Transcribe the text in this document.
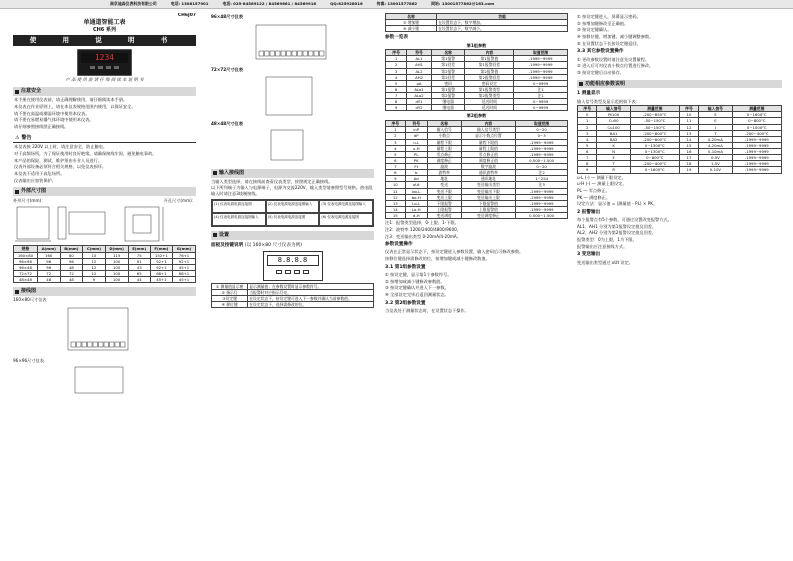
南京迪森仪表科技有限公司	电话: 1308157901	电话: 025-84569122 / 84569661 / 84569916	QQ:825928016	传真: 13001577862	网站: 13001577862@163.com
CH6J07
单通道智能工表
CH6 系列
使 用 说 明 书
1234
产 品 使 用 前 请 仔 细 阅 读 本 说 明 书
注意安全

本手册在使用仪表前，请正确理解使用，请仔细阅读本手册。

本仪表在作业原则上，请在本仪表规格范围内使用，以保证安全。

请不要在高温或潮湿环境中使用本仪表。

请不要在易燃易爆气体环境中使用本仪表。

请仔细参照接线图正确接线。

⚠ 警告

本仪表接 220V 以上时，请注意安全，防止触电。

对于高频场所，为了保证使用时良好绝缘，请确保接线牢固，避免触电事故。

本产品的保险、测试、维护须由专业人员进行。

仪表外部设备必须符合相关规格，以免仪表损坏。

本仪表不适用于高危场所。

仪表输出应加装保护。

外部尺寸图
外形尺寸(mm)：	开孔尺寸(mm)：
规格	A(mm)	B(mm)	C(mm)	D(mm)	E(mm)	F(mm)	G(mm)
160×80	160	80	10	115	75	152+1	76+1
96×96	96	96	12	100	91	92+1	92+1
96×48	96	48	12	100	43	92+1	45+1
72×72	72	72	12	100	65	68+1	68+1
48×48	48	48	9	100	44	45+1	45+1
接线图

160×80尺寸仪表

96×96尺寸仪表

96×48尺寸仪表

72×72尺寸仪表

48×48尺寸仪表

输入接线图

当输入类型选择，请在接线前查看仪表类型，按照规定正确接线。

以下所列端子为输入与电源端子，电源为交流220V，输入类型请参照型号规格。热电阻输入时请注意3线制接线。

(1) 仪表电源电源连接图	(2) 仪表电源电源连接图输入	(3) 仪表电源电源连接图输入
(4) 仪表电源电源连接图输入	(5) 仪表电源电源连接图	(6) 仪表电源电源连接图
设置
面板及按键说明 (以 160×80 尺寸仪表为例)
8.8.8.8
① 测量值显示窗	显示测量值；在参数设置时显示参数符号。
② 指示灯	当报警时对应指示灯亮。
③设定键	在设定状态下，按设定键可进入下一参数并确认当前参数值。
④ 移位键	在设定状态下，选择需修改的位。
名称	功能
⑤ 增加键	在设置状态下，数字增加。
⑥ 减小键	在设置状态下，数字减小。
参数一览表

第1组参数

序号	符号	名称	内容	取值范围
1	AL1	第1报警	第1报警值	-1999~9999
2	AH1	第1回差	第1报警回差	-1999~9999
3	AL2	第2报警	第2报警值	-1999~9999
4	AH2	第2回差	第2报警回差	-1999~9999
5	oA	密码	密码设定	0~9999
6	ALo1	第1报警	第1报警类型	注1
7	ALo2	第2报警	第2报警类型	注1
8	dY1	继电器	延迟时间	0~9999
9	dY2	继电器	延迟时间	0~9999

第2组参数

序号	符号	名称	内容	取值范围
1	inP	输入信号	输入信号类型	0~20
2	dP	小数点	显示小数点位置	0~3
3	u-L	量程下限	量程下限值	-1999~9999
4	u-H	量程上限	量程上限值	-1999~9999
5	PL	零点修正	零点修正值	-1999~9999
6	PK	满度修正	满度修正值	0.500~1.500
7	Ft	滤波	数字滤波	0~20
8	b	波特率	通讯波特率	注2
9	Ad	地址	通讯地址	1~254
10	oUt	变送	变送输出类型	注3
11	bo-L	变送下限	变送输出下限	-1999~9999
12	bo-H	变送上限	变送输出上限	-1999~9999
13	Lo-L	下限报警	下限报警值	-1999~9999
14	Lo-H	上限报警	上限报警值	-1999~9999
15	d-H	变送满度	变送满度修正	0.500~1.500

注1：报警类型选择，0-上限、1-下限。

注2：波特率 1200/2400/4800/9600。

注3：变送输出类型 0-20mA/4-20mA。

参数设置操作

仪表在正常显示状态下，按设定键进入参数设置，输入密码后可修改参数。

按移位键选择需修改的位，按增加键或减小键修改数值。

3.1 第1组参数设置

① 按设定键，显示第1个参数符号。

② 按增加或减小键修改参数值。

③ 按设定键确认并进入下一参数。

④ 全部设定完毕后返回测量状态。

3.2 第2组参数设置

当仪表处于测量状态时，在设置状态下操作。

① 按设定键进入，屏幕显示密码。

② 按增加键修改至正确值。

③ 按设定键确认。

④ 按移位键、增加键、减小键调整参数。

⑤ 在设置状态下长按设定键返回。

3.3 其它参数设置操作

① 更改参数设置时请注意先设置量程。

② 进入后可对仪表小数点位置进行修改。

③ 按设定键后自动保存。

功能相应参数说明
1 测量显示

输入信号类型及显示范围如下表：

序号	输入信号	测量范围	序号	输入信号	测量范围
0	Pt100	-200~650°C	10	S	0~1600°C
1	Cu50	-50~150°C	11	E	0~800°C
2	Cu100	-50~150°C	12	J	0~1000°C
3	BA1	-200~600°C	13	T	-200~400°C
4	BA2	-200~600°C	14	0-20mA	-1999~9999
5	K	0~1300°C	15	4-20mA	-1999~9999
6	N	0~1300°C	16	0-10mA	-1999~9999
7	E	0~800°C	17	0-5V	-1999~9999
8	T	-200~400°C	18	1-5V	-1999~9999
9	R	0~1600°C	19	0-10V	-1999~9999

u-L (-) — 测量下限设定。

u-H (-) — 测量上限设定。

PL — 零点修正。

PK — 满度修正。

设定方法：显示值 = (测量值 - PL) × PK。

2 报警输出

每个报警点有5个参数，可通过设置改变报警方式。

AL1、AH1 分别为第1报警设定值及回差。

AL2、AH2 分别为第2报警设定值及回差。

报警类型：0为上限，1为下限。

报警输出应注意接线方式。

3 变送输出

变送输出类型通过 oUt 设定。
